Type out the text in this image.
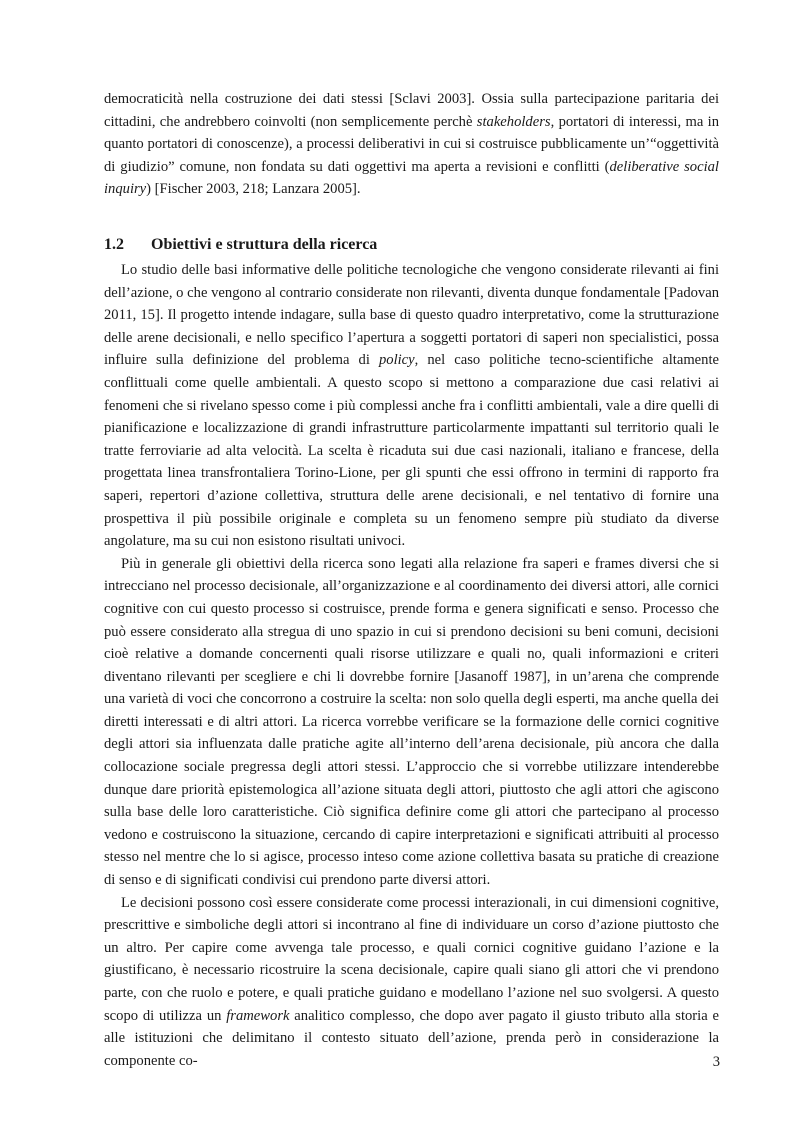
democraticità nella costruzione dei dati stessi [Sclavi 2003]. Ossia sulla partecipazione paritaria dei cittadini, che andrebbero coinvolti (non semplicemente perchè stakeholders, portatori di interessi, ma in quanto portatori di conoscenze), a processi deliberativi in cui si costruisce pubblicamente un’“oggettività di giudizio” comune, non fondata su dati oggettivi ma aperta a revisioni e conflitti (deliberative social inquiry) [Fischer 2003, 218; Lanzara 2005].

1.2 Obiettivi e struttura della ricerca

Lo studio delle basi informative delle politiche tecnologiche che vengono considerate rilevanti ai fini dell’azione, o che vengono al contrario considerate non rilevanti, diventa dunque fondamentale [Padovan 2011, 15]. Il progetto intende indagare, sulla base di questo quadro interpretativo, come la strutturazione delle arene decisionali, e nello specifico l’apertura a soggetti portatori di saperi non specialistici, possa influire sulla definizione del problema di policy, nel caso politiche tecno-scientifiche altamente conflittuali come quelle ambientali. A questo scopo si mettono a comparazione due casi relativi ai fenomeni che si rivelano spesso come i più complessi anche fra i conflitti ambientali, vale a dire quelli di pianificazione e localizzazione di grandi infrastrutture particolarmente impattanti sul territorio quali le tratte ferroviarie ad alta velocità. La scelta è ricaduta sui due casi nazionali, italiano e francese, della progettata linea transfrontaliera Torino-Lione, per gli spunti che essi offrono in termini di rapporto fra saperi, repertori d’azione collettiva, struttura delle arene decisionali, e nel tentativo di fornire una prospettiva il più possibile originale e completa su un fenomeno sempre più studiato da diverse angolature, ma su cui non esistono risultati univoci.

Più in generale gli obiettivi della ricerca sono legati alla relazione fra saperi e frames diversi che si intrecciano nel processo decisionale, all’organizzazione e al coordinamento dei diversi attori, alle cornici cognitive con cui questo processo si costruisce, prende forma e genera significati e senso. Processo che può essere considerato alla stregua di uno spazio in cui si prendono decisioni su beni comuni, decisioni cioè relative a domande concernenti quali risorse utilizzare e quali no, quali informazioni e criteri diventano rilevanti per scegliere e chi li dovrebbe fornire [Jasanoff 1987], in un’arena che comprende una varietà di voci che concorrono a costruire la scelta: non solo quella degli esperti, ma anche quella dei diretti interessati e di altri attori. La ricerca vorrebbe verificare se la formazione delle cornici cognitive degli attori sia influenzata dalle pratiche agite all’interno dell’arena decisionale, più ancora che dalla collocazione sociale pregressa degli attori stessi. L’approccio che si vorrebbe utilizzare intenderebbe dunque dare priorità epistemologica all’azione situata degli attori, piuttosto che agli attori che agiscono sulla base delle loro caratteristiche. Ciò significa definire come gli attori che partecipano al processo vedono e costruiscono la situazione, cercando di capire interpretazioni e significati attribuiti al processo stesso nel mentre che lo si agisce, processo inteso come azione collettiva basata su pratiche di creazione di senso e di significati condivisi cui prendono parte diversi attori.

Le decisioni possono così essere considerate come processi interazionali, in cui dimensioni cognitive, prescrittive e simboliche degli attori si incontrano al fine di individuare un corso d’azione piuttosto che un altro. Per capire come avvenga tale processo, e quali cornici cognitive guidano l’azione e la giustificano, è necessario ricostruire la scena decisionale, capire quali siano gli attori che vi prendono parte, con che ruolo e potere, e quali pratiche guidano e modellano l’azione nel suo svolgersi. A questo scopo di utilizza un framework analitico complesso, che dopo aver pagato il giusto tributo alla storia e alle istituzioni che delimitano il contesto situato dell’azione, prenda però in considerazione la componente co-	3
